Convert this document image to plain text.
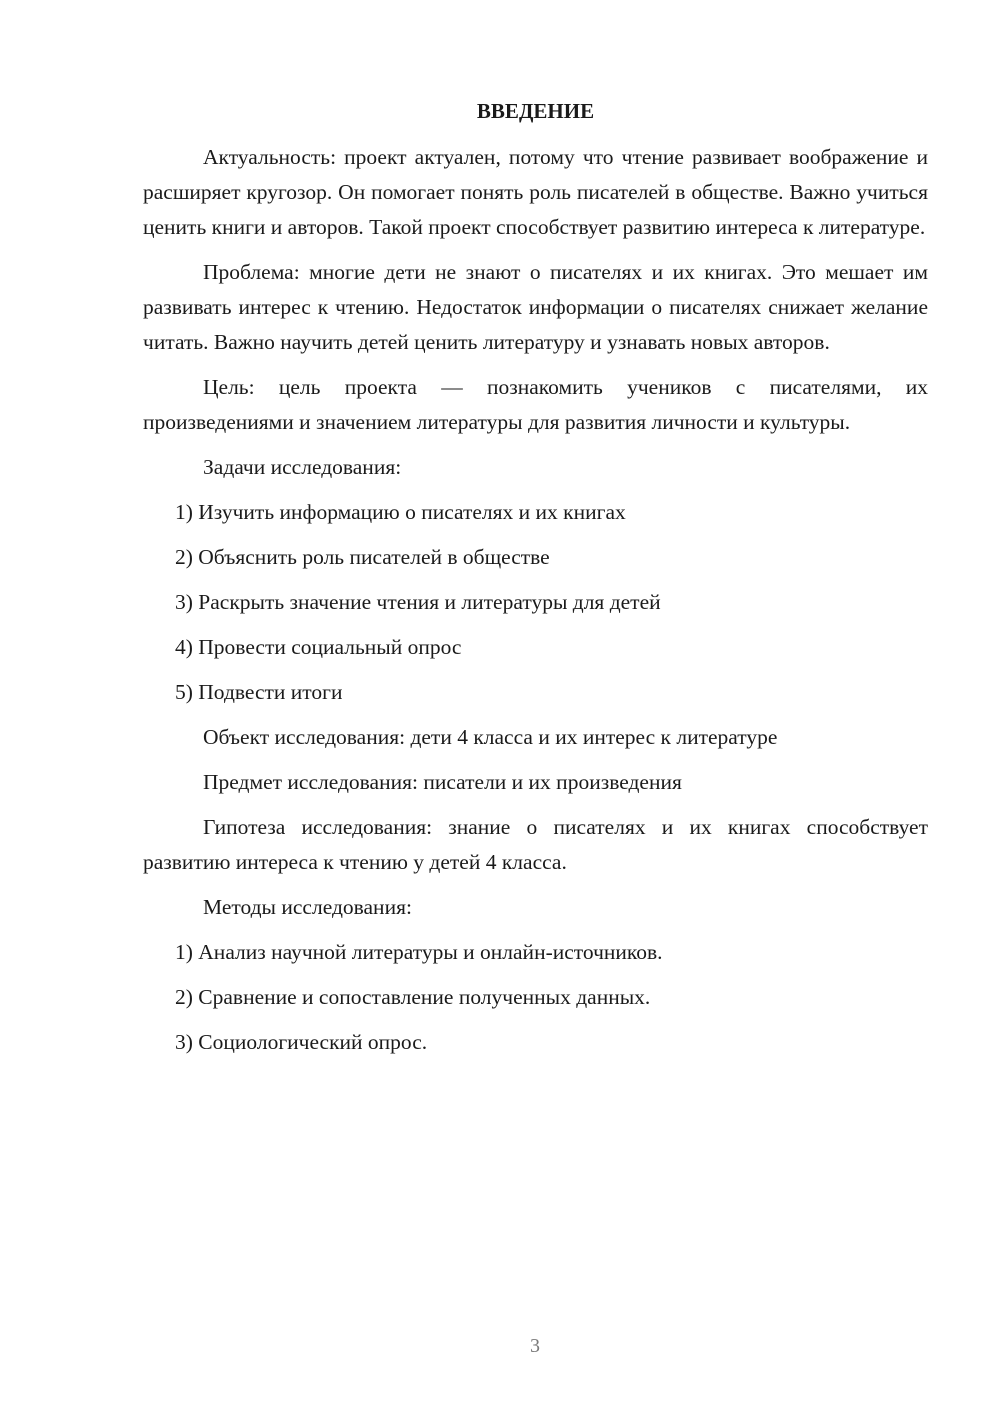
ВВЕДЕНИЕ

Актуальность: проект актуален, потому что чтение развивает воображение и расширяет кругозор. Он помогает понять роль писателей в обществе. Важно учиться ценить книги и авторов. Такой проект способствует развитию интереса к литературе.

Проблема: многие дети не знают о писателях и их книгах. Это мешает им развивать интерес к чтению. Недостаток информации о писателях снижает желание читать. Важно научить детей ценить литературу и узнавать новых авторов.

Цель: цель проекта — познакомить учеников с писателями, их произведениями и значением литературы для развития личности и культуры.

Задачи исследования:

1) Изучить информацию о писателях и их книгах

2) Объяснить роль писателей в обществе

3) Раскрыть значение чтения и литературы для детей

4) Провести социальный опрос

5) Подвести итоги

Объект исследования: дети 4 класса и их интерес к литературе

Предмет исследования: писатели и их произведения

Гипотеза исследования: знание о писателях и их книгах способствует развитию интереса к чтению у детей 4 класса.

Методы исследования:

1) Анализ научной литературы и онлайн-источников.

2) Сравнение и сопоставление полученных данных.

3) Социологический опрос.

3
